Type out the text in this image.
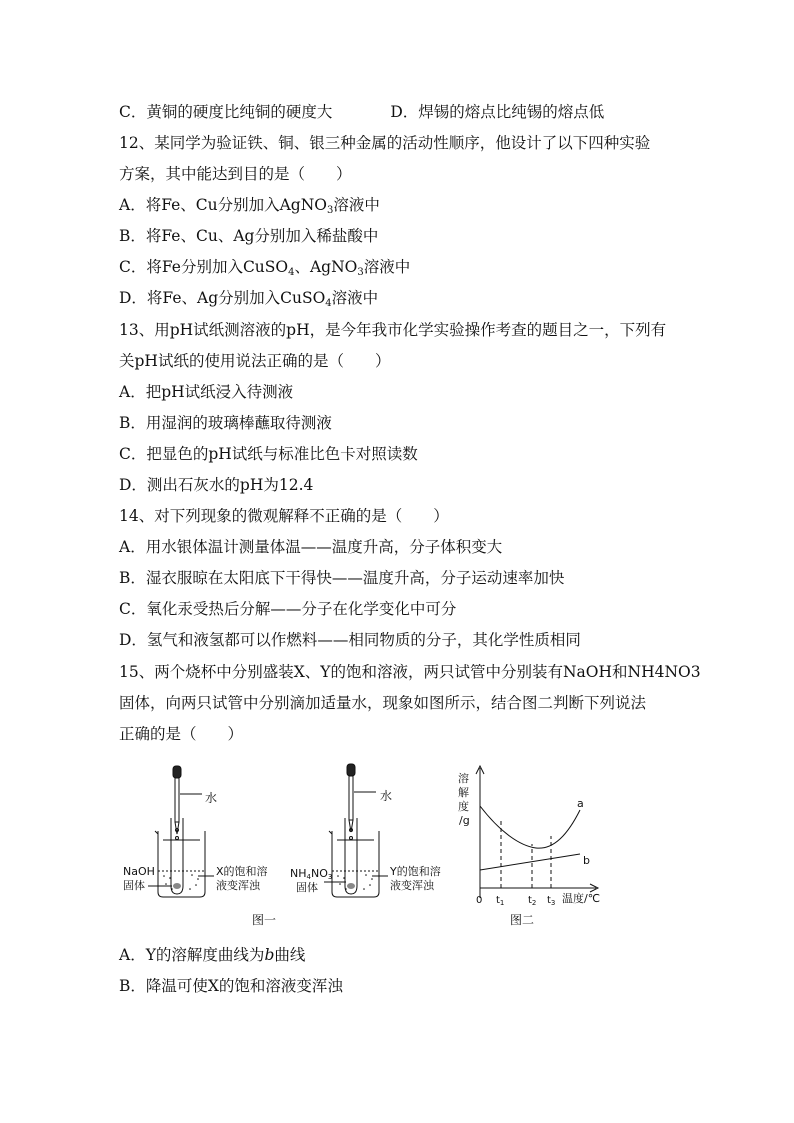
C．黄铜的硬度比纯铜的硬度大	D．焊锡的熔点比纯锡的熔点低
12、某同学为验证铁、铜、银三种金属的活动性顺序，他设计了以下四种实验
方案，其中能达到目的是（　　）
A．将Fe、Cu分别加入AgNO$_3$溶液中
B．将Fe、Cu、Ag分别加入稀盐酸中
C．将Fe分别加入CuSO$_4$、AgNO$_3$溶液中
D．将Fe、Ag分别加入CuSO$_4$溶液中
13、用pH试纸测溶液的pH，是今年我市化学实验操作考查的题目之一，下列有
关pH试纸的使用说法正确的是（　　）
A．把pH试纸浸入待测液
B．用湿润的玻璃棒蘸取待测液
C．把显色的pH试纸与标准比色卡对照读数
D．测出石灰水的pH为12.4
14、对下列现象的微观解释不正确的是（　　）
A．用水银体温计测量体温——温度升高，分子体积变大
B．湿衣服晾在太阳底下干得快——温度升高，分子运动速率加快
C．氧化汞受热后分解——分子在化学变化中可分
D．氢气和液氢都可以作燃料——相同物质的分子，其化学性质相同
15、两个烧杯中分别盛装X、Y的饱和溶液，两只试管中分别装有NaOH和NH4NO3
固体，向两只试管中分别滴加适量水，现象如图所示，结合图二判断下列说法
正确的是（　　）
水	水
NaOH
固体
X的饱和溶
液变浑浊
NH4NO3
固体
Y的饱和溶
液变浑浊
图一
溶
解
度
/g
a
b
0 $t_1$ $t_2$ $t_3$ 温度/℃
图二
A．Y的溶解度曲线为b曲线
B．降温可使X的饱和溶液变浑浊
